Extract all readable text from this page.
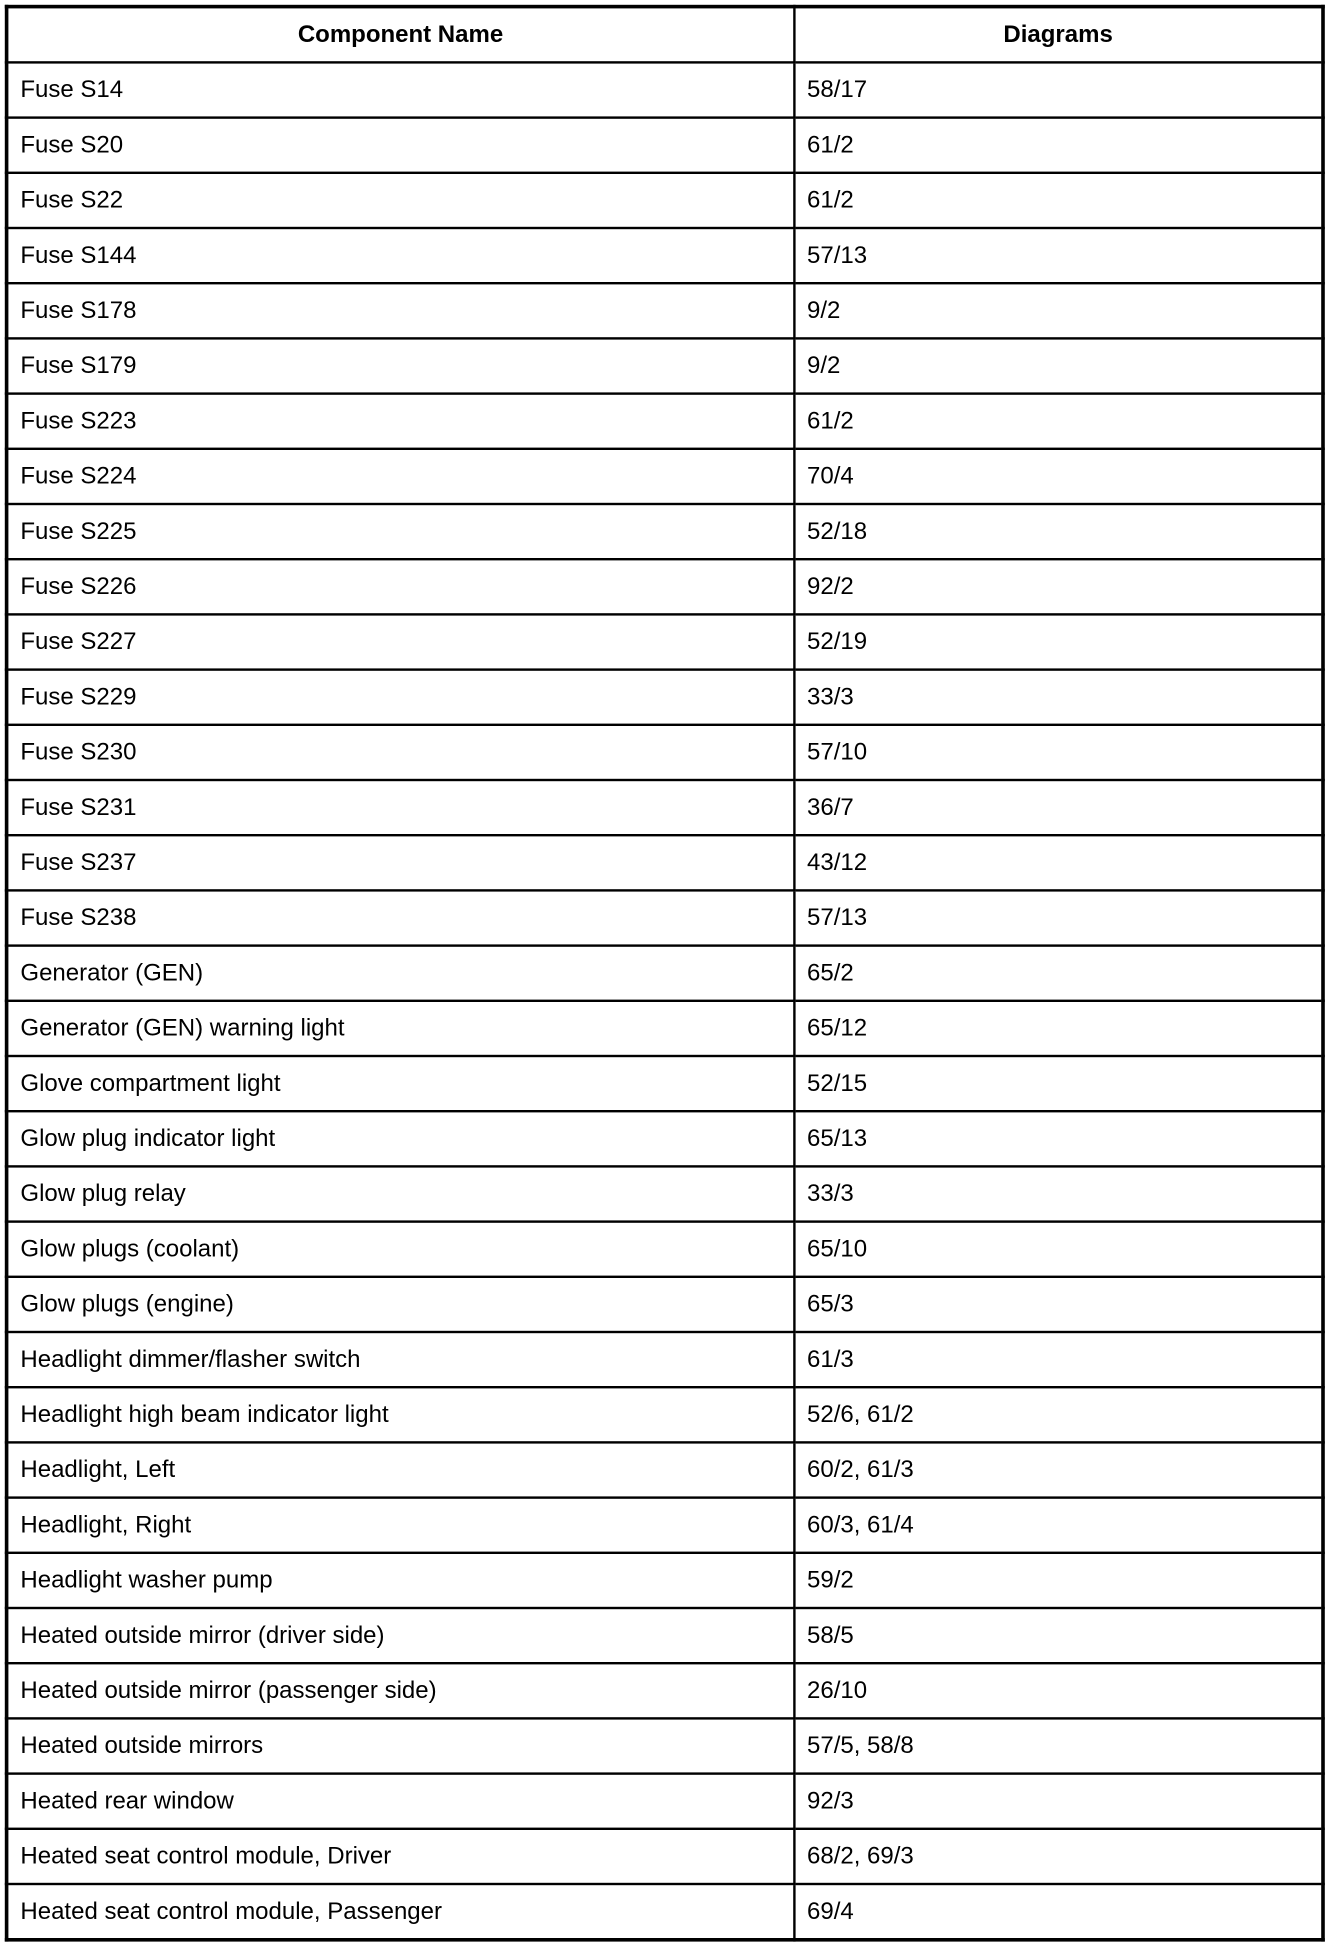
Component Name	Diagrams
Fuse S14	58/17
Fuse S20	61/2
Fuse S22	61/2
Fuse S144	57/13
Fuse S178	9/2
Fuse S179	9/2
Fuse S223	61/2
Fuse S224	70/4
Fuse S225	52/18
Fuse S226	92/2
Fuse S227	52/19
Fuse S229	33/3
Fuse S230	57/10
Fuse S231	36/7
Fuse S237	43/12
Fuse S238	57/13
Generator (GEN)	65/2
Generator (GEN) warning light	65/12
Glove compartment light	52/15
Glow plug indicator light	65/13
Glow plug relay	33/3
Glow plugs (coolant)	65/10
Glow plugs (engine)	65/3
Headlight dimmer/flasher switch	61/3
Headlight high beam indicator light	52/6, 61/2
Headlight, Left	60/2, 61/3
Headlight, Right	60/3, 61/4
Headlight washer pump	59/2
Heated outside mirror (driver side)	58/5
Heated outside mirror (passenger side)	26/10
Heated outside mirrors	57/5, 58/8
Heated rear window	92/3
Heated seat control module, Driver	68/2, 69/3
Heated seat control module, Passenger	69/4
